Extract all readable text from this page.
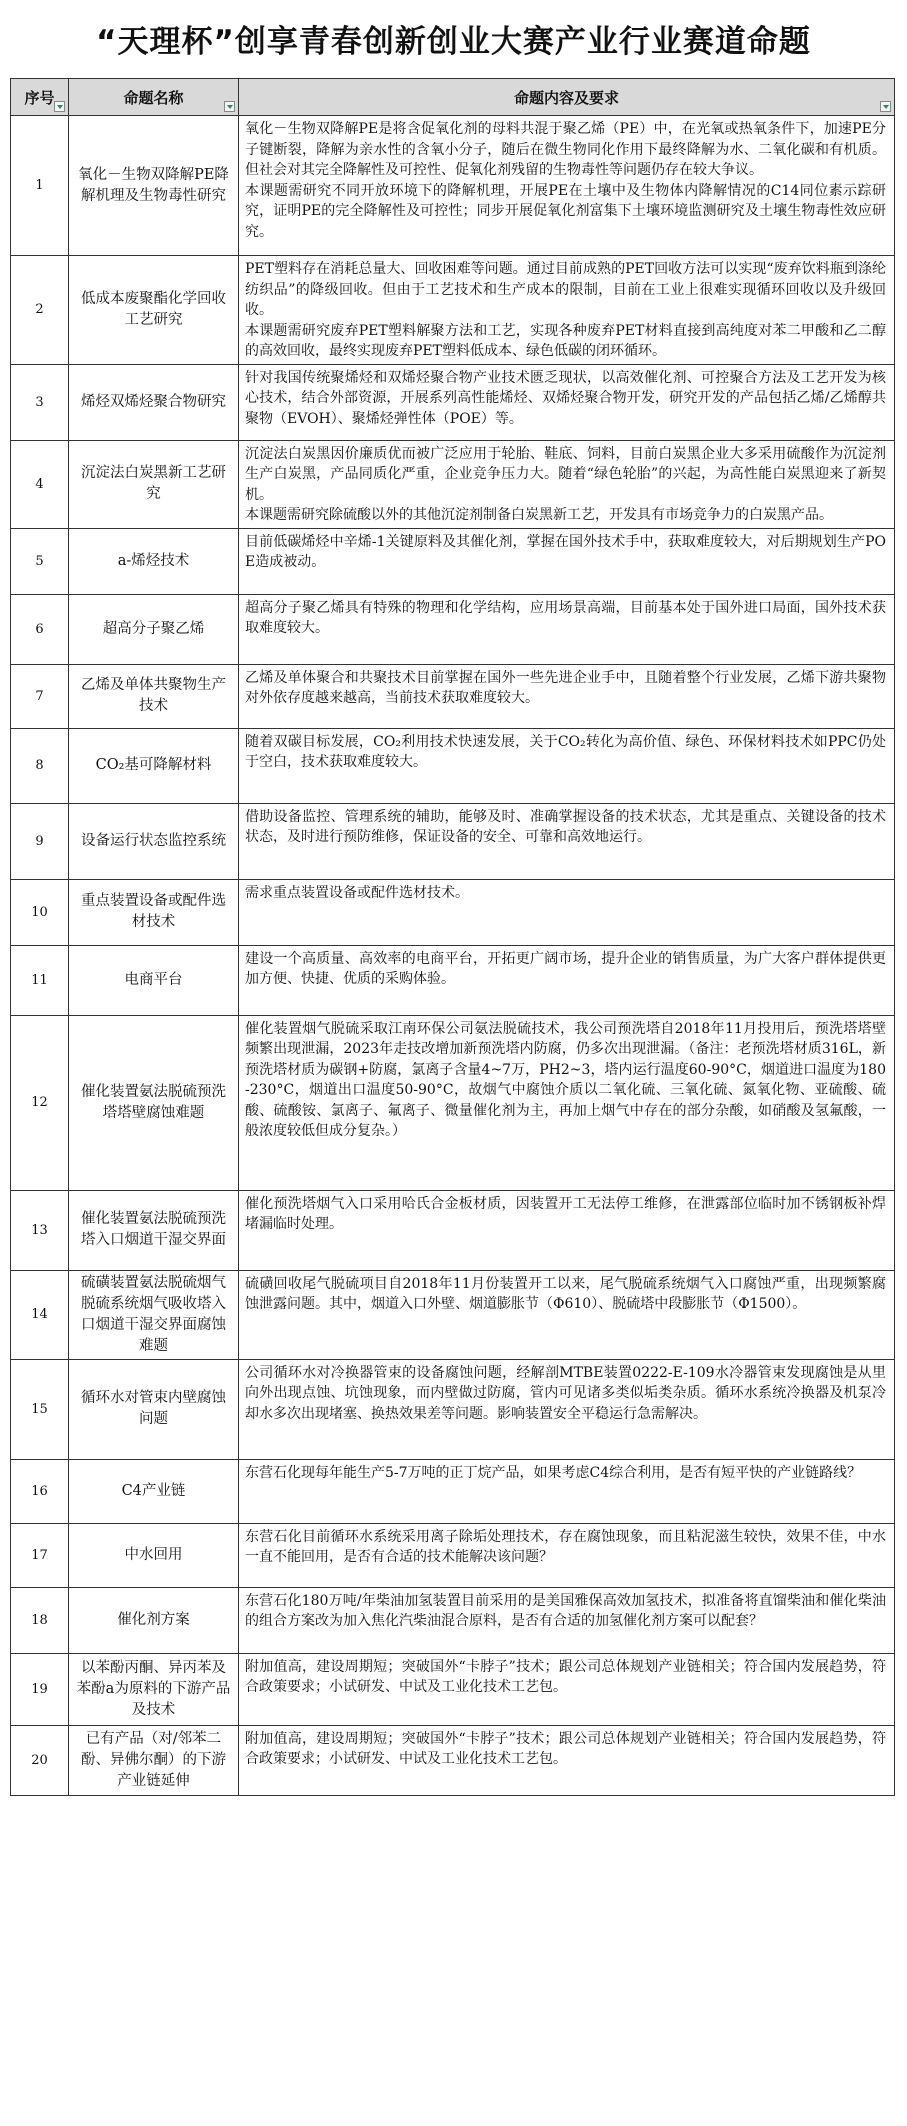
“天理杯”创享青春创新创业大赛产业行业赛道命题
序号	命题名称	命题内容及要求

1	氧化－生物双降解PE降解机理及生物毒性研究	氧化－生物双降解PE是将含促氧化剂的母料共混于聚乙烯（PE）中，在光氧或热氧条件下，加速PE分子键断裂，降解为亲水性的含氧小分子，随后在微生物同化作用下最终降解为水、二氧化碳和有机质。但社会对其完全降解性及可控性、促氧化剂残留的生物毒性等问题仍存在较大争议。
本课题需研究不同开放环境下的降解机理，开展PE在土壤中及生物体内降解情况的C14同位素示踪研究，证明PE的完全降解性及可控性；同步开展促氧化剂富集下土壤环境监测研究及土壤生物毒性效应研究。

2	低成本废聚酯化学回收工艺研究	PET塑料存在消耗总量大、回收困难等问题。通过目前成熟的PET回收方法可以实现“废弃饮料瓶到涤纶纺织品”的降级回收。但由于工艺技术和生产成本的限制，目前在工业上很难实现循环回收以及升级回收。
本课题需研究废弃PET塑料解聚方法和工艺，实现各种废弃PET材料直接到高纯度对苯二甲酸和乙二醇的高效回收，最终实现废弃PET塑料低成本、绿色低碳的闭环循环。

3	烯烃双烯烃聚合物研究	针对我国传统聚烯烃和双烯烃聚合物产业技术匮乏现状，以高效催化剂、可控聚合方法及工艺开发为核心技术，结合外部资源，开展系列高性能烯烃、双烯烃聚合物开发，研究开发的产品包括乙烯/乙烯醇共聚物（EVOH）、聚烯烃弹性体（POE）等。

4	沉淀法白炭黑新工艺研究	沉淀法白炭黑因价廉质优而被广泛应用于轮胎、鞋底、饲料，目前白炭黑企业大多采用硫酸作为沉淀剂生产白炭黑，产品同质化严重，企业竞争压力大。随着“绿色轮胎”的兴起，为高性能白炭黑迎来了新契机。
本课题需研究除硫酸以外的其他沉淀剂制备白炭黑新工艺，开发具有市场竞争力的白炭黑产品。

5	a-烯烃技术	目前低碳烯烃中辛烯-1关键原料及其催化剂，掌握在国外技术手中，获取难度较大，对后期规划生产POE造成被动。

6	超高分子聚乙烯	超高分子聚乙烯具有特殊的物理和化学结构，应用场景高端，目前基本处于国外进口局面，国外技术获取难度较大。

7	乙烯及单体共聚物生产技术	乙烯及单体聚合和共聚技术目前掌握在国外一些先进企业手中，且随着整个行业发展，乙烯下游共聚物对外依存度越来越高，当前技术获取难度较大。

8	CO₂基可降解材料	随着双碳目标发展，CO₂利用技术快速发展，关于CO₂转化为高价值、绿色、环保材料技术如PPC仍处于空白，技术获取难度较大。

9	设备运行状态监控系统	借助设备监控、管理系统的辅助，能够及时、准确掌握设备的技术状态，尤其是重点、关键设备的技术状态，及时进行预防维修，保证设备的安全、可靠和高效地运行。

10	重点装置设备或配件选材技术	需求重点装置设备或配件选材技术。

11	电商平台	建设一个高质量、高效率的电商平台，开拓更广阔市场，提升企业的销售质量，为广大客户群体提供更加方便、快捷、优质的采购体验。

12	催化装置氨法脱硫预洗塔塔壁腐蚀难题	催化装置烟气脱硫采取江南环保公司氨法脱硫技术，我公司预洗塔自2018年11月投用后，预洗塔塔壁频繁出现泄漏，2023年走技改增加新预洗塔内防腐，仍多次出现泄漏。（备注：老预洗塔材质316L，新预洗塔材质为碳钢+防腐，氯离子含量4~7万，PH2~3，塔内运行温度60-90°C，烟道进口温度为180-230°C，烟道出口温度50-90°C，故烟气中腐蚀介质以二氧化硫、三氧化硫、氮氧化物、亚硫酸、硫酸、硫酸铵、氯离子、氟离子、微量催化剂为主，再加上烟气中存在的部分杂酸，如硝酸及氢氟酸，一般浓度较低但成分复杂。）

13	催化装置氨法脱硫预洗塔入口烟道干湿交界面	催化预洗塔烟气入口采用哈氏合金板材质，因装置开工无法停工维修，在泄露部位临时加不锈钢板补焊堵漏临时处理。

14	硫磺装置氨法脱硫烟气脱硫系统烟气吸收塔入口烟道干湿交界面腐蚀难题	硫磺回收尾气脱硫项目自2018年11月份装置开工以来，尾气脱硫系统烟气入口腐蚀严重，出现频繁腐蚀泄露问题。其中，烟道入口外壁、烟道膨胀节（Φ610）、脱硫塔中段膨胀节（Φ1500）。

15	循环水对管束内壁腐蚀问题	公司循环水对冷换器管束的设备腐蚀问题，经解剖MTBE装置0222-E-109水冷器管束发现腐蚀是从里向外出现点蚀、坑蚀现象，而内壁做过防腐，管内可见诸多类似垢类杂质。循环水系统冷换器及机泵冷却水多次出现堵塞、换热效果差等问题。影响装置安全平稳运行急需解决。

16	C4产业链	东营石化现每年能生产5-7万吨的正丁烷产品，如果考虑C4综合利用，是否有短平快的产业链路线？

17	中水回用	东营石化目前循环水系统采用离子除垢处理技术，存在腐蚀现象，而且粘泥滋生较快，效果不佳，中水一直不能回用，是否有合适的技术能解决该问题？

18	催化剂方案	东营石化180万吨/年柴油加氢装置目前采用的是美国雅保高效加氢技术，拟准备将直馏柴油和催化柴油的组合方案改为加入焦化汽柴油混合原料，是否有合适的加氢催化剂方案可以配套？

19	以苯酚丙酮、异丙苯及苯酚a为原料的下游产品及技术	附加值高，建设周期短；突破国外“卡脖子”技术；跟公司总体规划产业链相关；符合国内发展趋势，符合政策要求；小试研发、中试及工业化技术工艺包。

20	已有产品（对/邻苯二酚、异佛尔酮）的下游产业链延伸	附加值高，建设周期短；突破国外“卡脖子”技术；跟公司总体规划产业链相关；符合国内发展趋势，符合政策要求；小试研发、中试及工业化技术工艺包。
